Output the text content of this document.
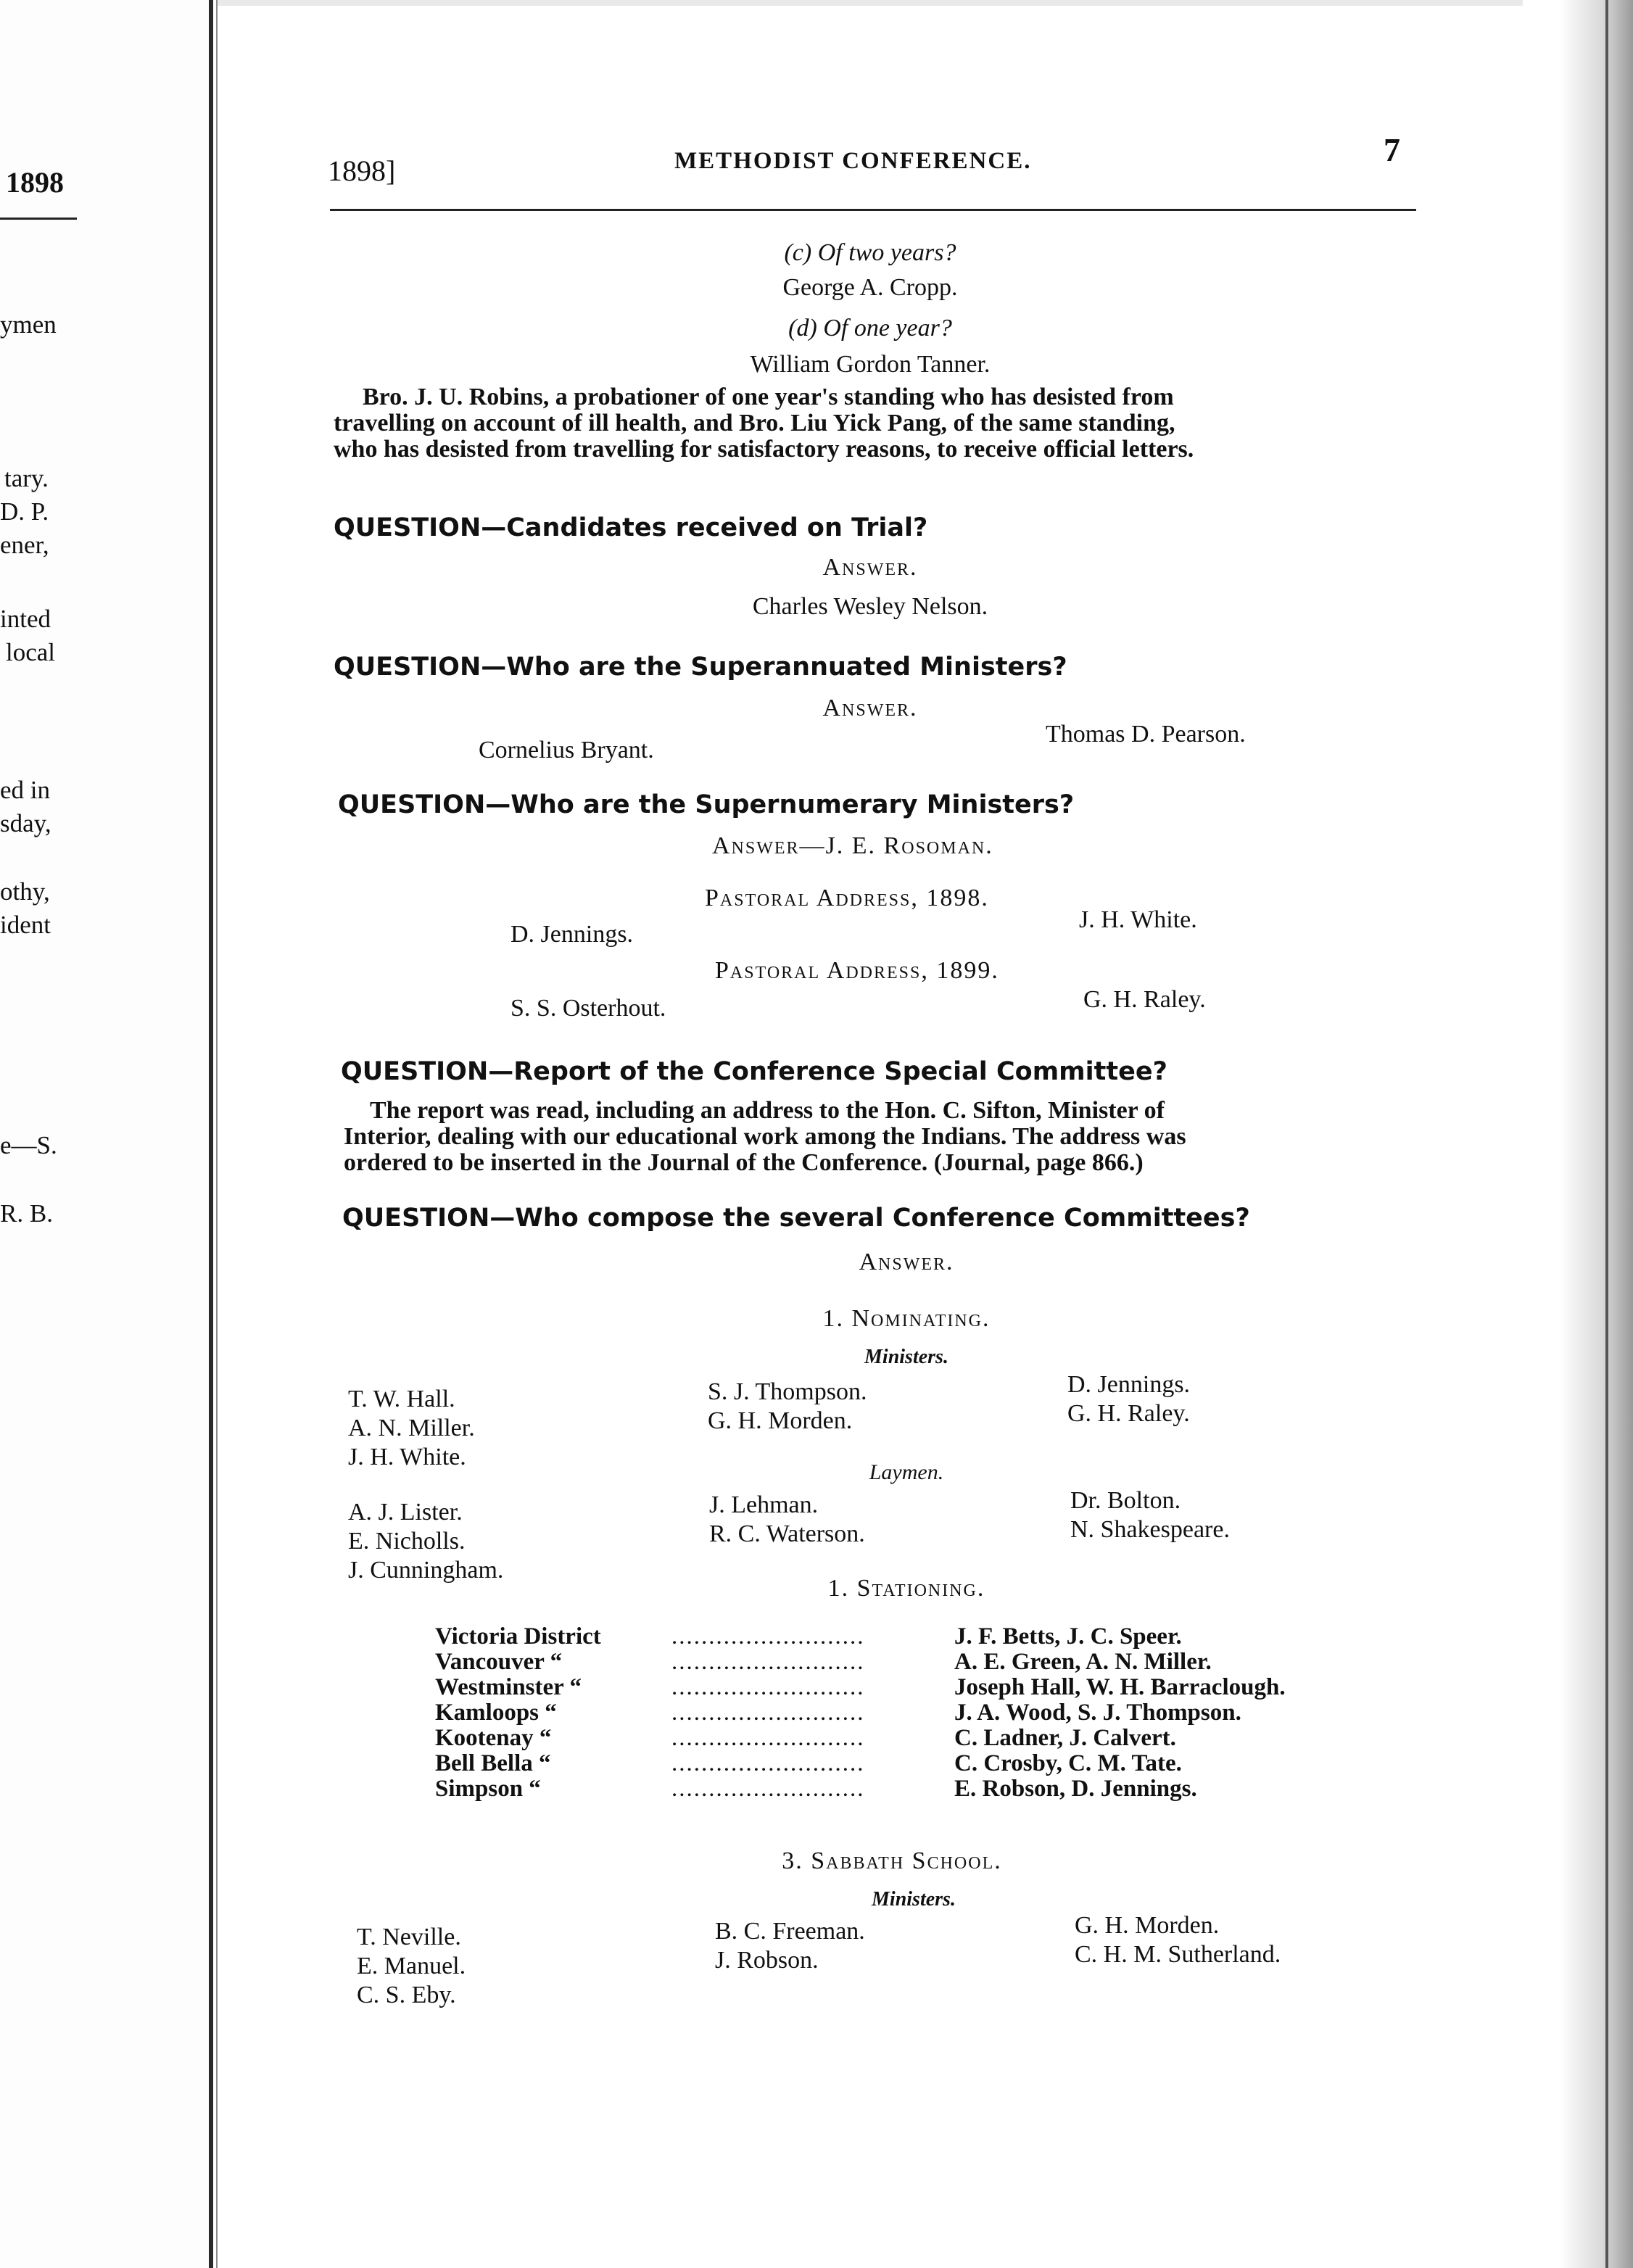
1898
ymen
tary.
D. P.
ener,
inted
local
ed in
sday,
othy,
ident
e—S.
R. B.
1898]	METHODIST CONFERENCE.	7
(c) Of two years?
George A. Cropp.
(d) Of one year?
William Gordon Tanner.
Bro. J. U. Robins, a probationer of one year's standing who has desisted from
travelling on account of ill health, and Bro. Liu Yick Pang, of the same standing,
who has desisted from travelling for satisfactory reasons, to receive official letters.
QUESTION—Candidates received on Trial?
Answer.
Charles Wesley Nelson.
QUESTION—Who are the Superannuated Ministers?
Answer.
Cornelius Bryant.
Thomas D. Pearson.
QUESTION—Who are the Supernumerary Ministers?
Answer—J. E. Rosoman.
Pastoral Address, 1898.
D. Jennings.
J. H. White.
Pastoral Address, 1899.
S. S. Osterhout.	G. H. Raley.
QUESTION—Report of the Conference Special Committee?
The report was read, including an address to the Hon. C. Sifton, Minister of
Interior, dealing with our educational work among the Indians. The address was
ordered to be inserted in the Journal of the Conference. (Journal, page 866.)
QUESTION—Who compose the several Conference Committees?
Answer.
1. Nominating.
Ministers.
T. W. Hall.
A. N. Miller.
J. H. White.
S. J. Thompson.
G. H. Morden.
D. Jennings.
G. H. Raley.
Laymen.
A. J. Lister.
E. Nicholls.
J. Cunningham.
J. Lehman.
R. C. Waterson.
Dr. Bolton.
N. Shakespeare.
1. Stationing.
Victoria District	..........................	J. F. Betts, J. C. Speer.
Vancouver “	..........................	A. E. Green, A. N. Miller.
Westminster “	..........................	Joseph Hall, W. H. Barraclough.
Kamloops “	..........................	J. A. Wood, S. J. Thompson.
Kootenay “	..........................	C. Ladner, J. Calvert.
Bell Bella “	..........................	C. Crosby, C. M. Tate.
Simpson “	..........................	E. Robson, D. Jennings.
3. Sabbath School.
Ministers.
T. Neville.
E. Manuel.
C. S. Eby.
B. C. Freeman.
J. Robson.
G. H. Morden.
C. H. M. Sutherland.
